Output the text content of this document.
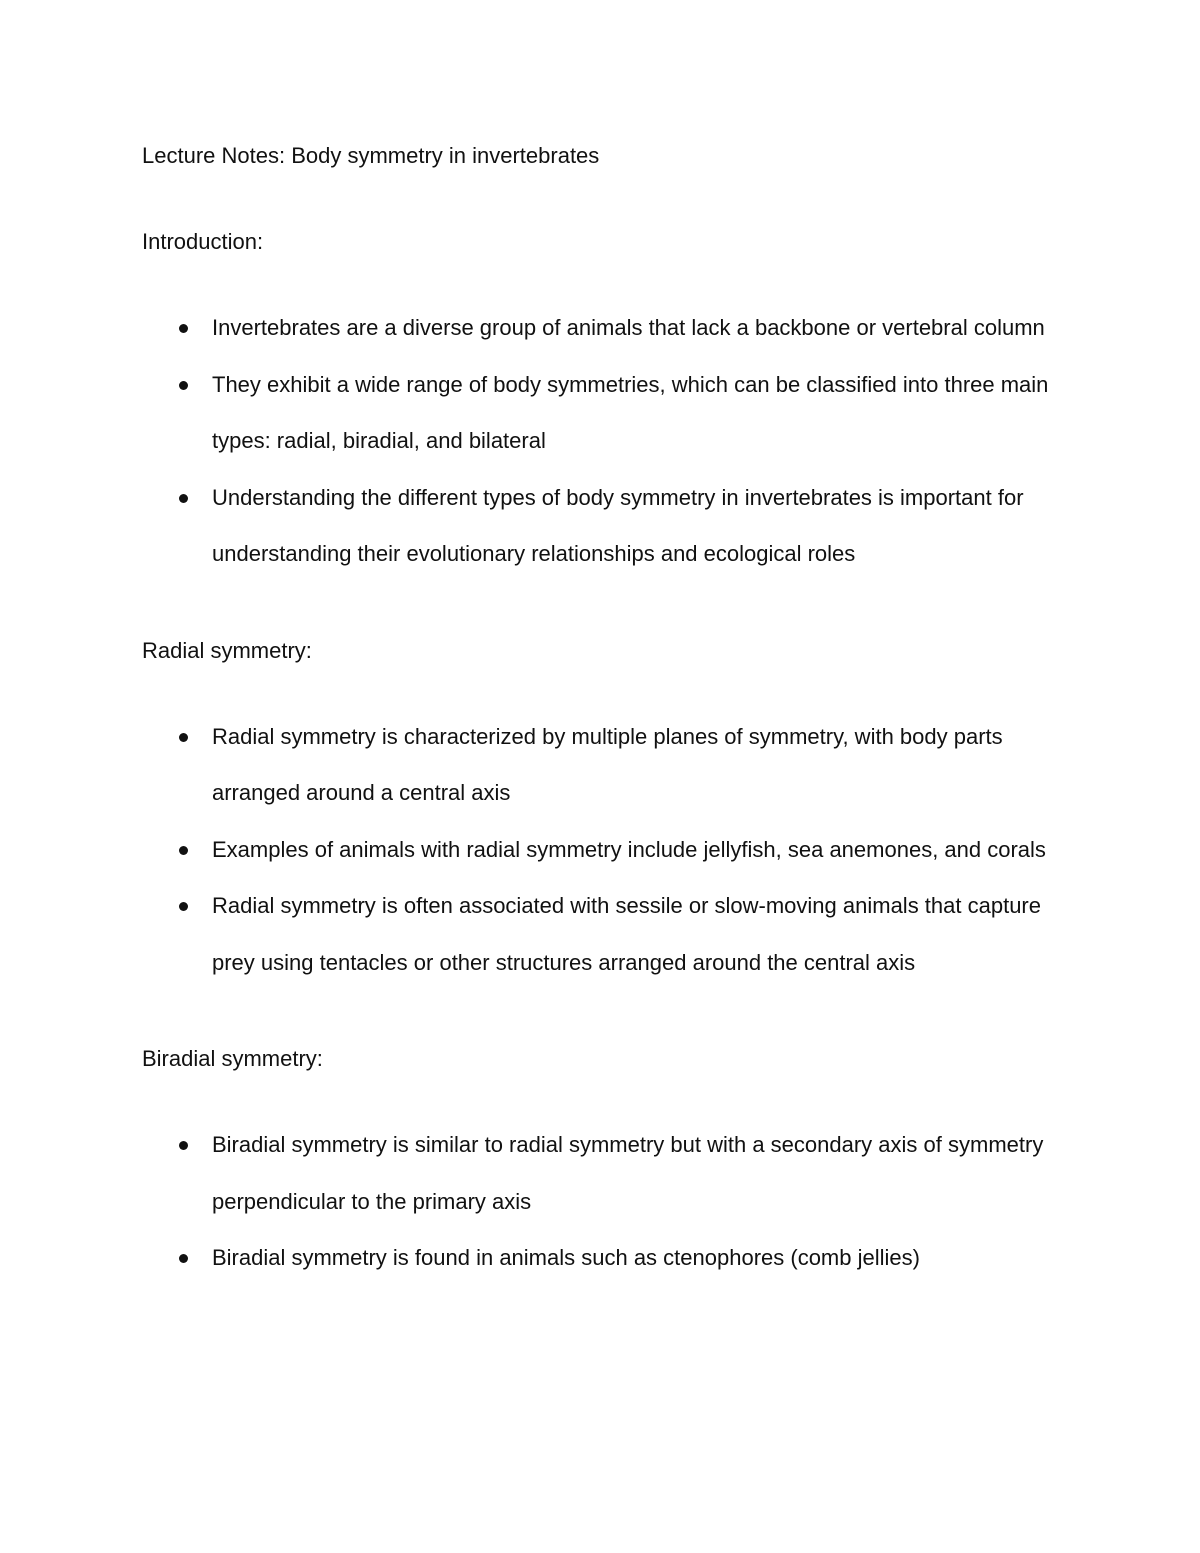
Lecture Notes: Body symmetry in invertebrates
Introduction:
Invertebrates are a diverse group of animals that lack a backbone or vertebral column
They exhibit a wide range of body symmetries, which can be classified into three main types: radial, biradial, and bilateral
Understanding the different types of body symmetry in invertebrates is important for understanding their evolutionary relationships and ecological roles
Radial symmetry:
Radial symmetry is characterized by multiple planes of symmetry, with body parts arranged around a central axis
Examples of animals with radial symmetry include jellyfish, sea anemones, and corals
Radial symmetry is often associated with sessile or slow-moving animals that capture prey using tentacles or other structures arranged around the central axis
Biradial symmetry:
Biradial symmetry is similar to radial symmetry but with a secondary axis of symmetry perpendicular to the primary axis
Biradial symmetry is found in animals such as ctenophores (comb jellies)
